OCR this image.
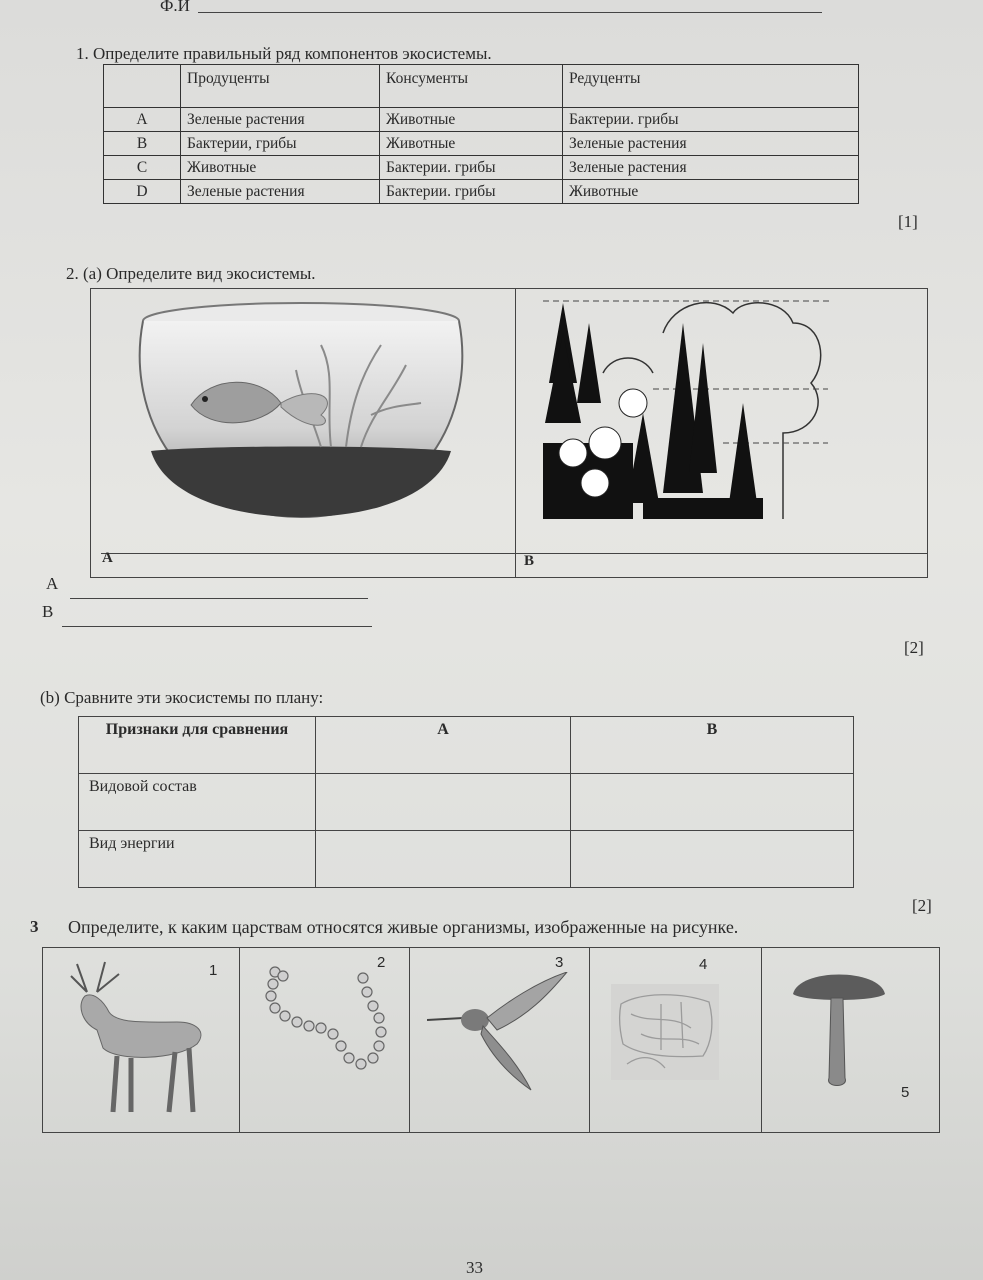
Ф.И
1. Определите правильный ряд компонентов экосистемы.
	Продуценты	Консументы	Редуценты
A	Зеленые растения	Животные	Бактерии. грибы
B	Бактерии, грибы	Животные	Зеленые растения
C	Животные	Бактерии. грибы	Зеленые растения
D	Зеленые растения	Бактерии. грибы	Животные
[1]
2. (a) Определите вид экосистемы.
A	B
A
B
[2]
(b) Сравните эти экосистемы по плану:
Признаки для сравнения	A	B
Видовой состав		
Вид энергии		
[2]
3 Определите, к каким царствам относятся живые организмы, изображенные на рисунке.
1	2	3	4
5
33
